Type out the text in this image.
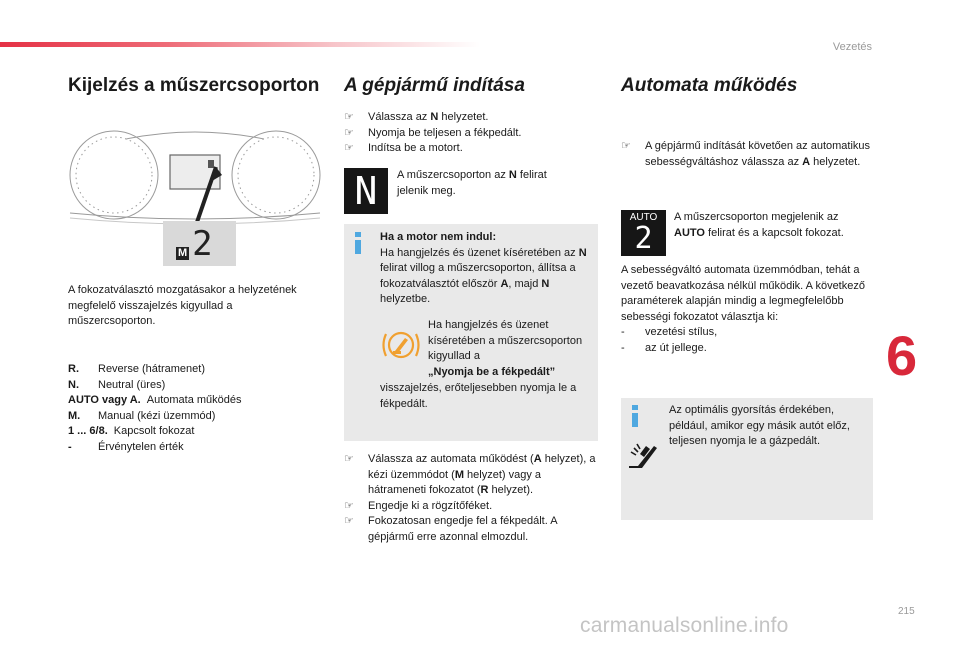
Vezetés
Kijelzés a műszercsoporton
M 2
A fokozatválasztó mozgatásakor a helyzetének megfelelő visszajelzés kigyullad a műszercsoporton.
R.	Reverse (hátramenet)
N.	Neutral (üres)
AUTO vagy A. Automata működés
M.	Manual (kézi üzemmód)
1 ... 6/8. Kapcsolt fokozat
-	Érvénytelen érték
A gépjármű indítása
☞ Válassza az N helyzetet.
☞ Nyomja be teljesen a fékpedált.
☞ Indítsa be a motort.
N A műszercsoporton az N felirat jelenik meg.
Ha a motor nem indul:
Ha hangjelzés és üzenet kíséretében az N felirat villog a műszercsoporton, állítsa a fokozatválasztót először A, majd N helyzetbe.
Ha hangjelzés és üzenet kíséretében a műszercsoporton kigyullad a
„Nyomja be a fékpedált”
visszajelzés, erőteljesebben nyomja le a fékpedált.
☞ Válassza az automata működést (A helyzet), a kézi üzemmódot (M helyzet) vagy a hátrameneti fokozatot (R helyzet).
☞ Engedje ki a rögzítőféket.
☞ Fokozatosan engedje fel a fékpedált. A gépjármű erre azonnal elmozdul.
Automata működés
☞ A gépjármű indítását követően az automatikus sebességváltáshoz válassza az A helyzetet.
AUTO
2
A műszercsoporton megjelenik az AUTO felirat és a kapcsolt fokozat.
A sebességváltó automata üzemmódban, tehát a vezető beavatkozása nélkül működik. A következő paraméterek alapján mindig a legmegfelelőbb sebességi fokozatot választja ki:
- vezetési stílus,
- az út jellege.
Az optimális gyorsítás érdekében, például, amikor egy másik autót előz, teljesen nyomja le a gázpedált.
6
215
carmanualsonline.info
